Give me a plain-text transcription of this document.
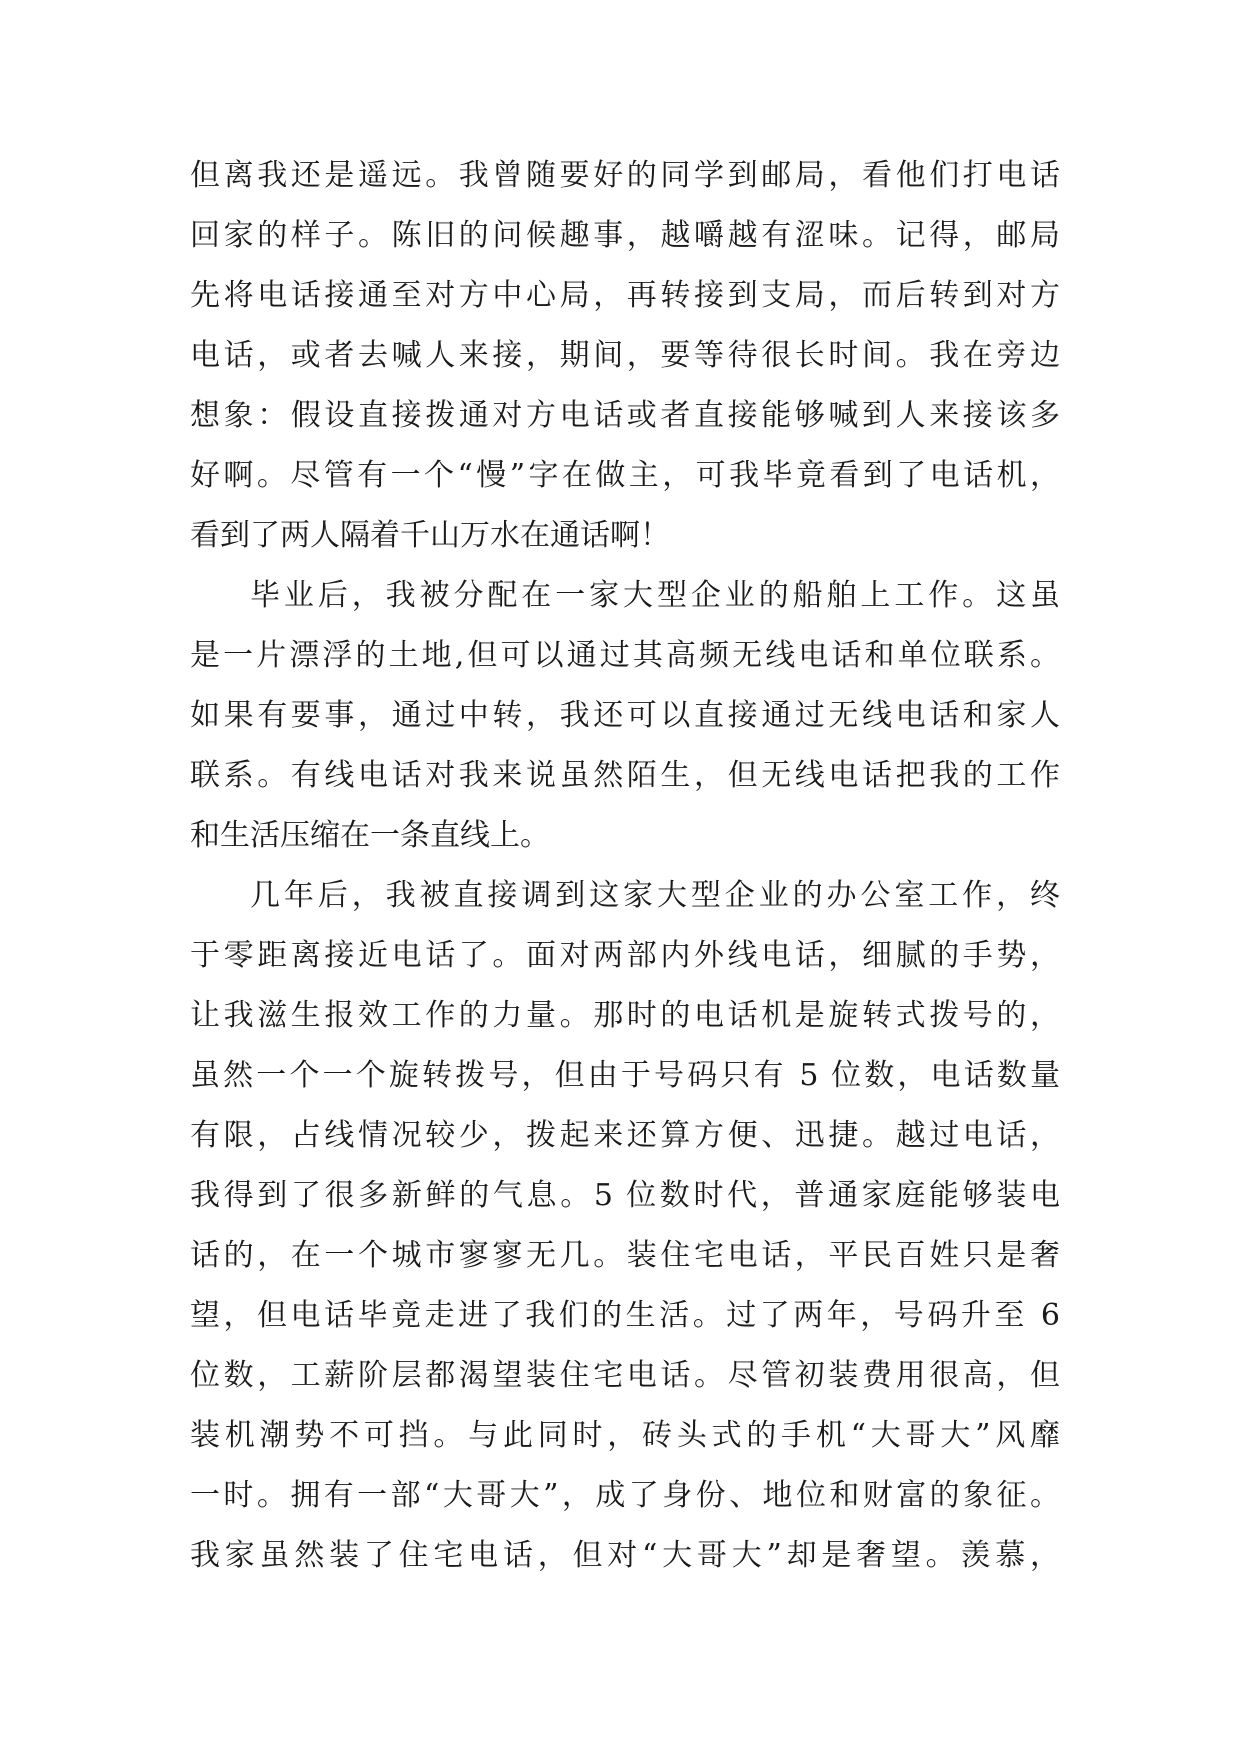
但离我还是遥远。我曾随要好的同学到邮局，看他们打电话
回家的样子。陈旧的问候趣事，越嚼越有涩味。记得，邮局
先将电话接通至对方中心局，再转接到支局，而后转到对方
电话，或者去喊人来接，期间，要等待很长时间。我在旁边
想象：假设直接拨通对方电话或者直接能够喊到人来接该多
好啊。尽管有一个“慢”字在做主，可我毕竟看到了电话机，
看到了两人隔着千山万水在通话啊！
毕业后，我被分配在一家大型企业的船舶上工作。这虽
是一片漂浮的土地,但可以通过其高频无线电话和单位联系。
如果有要事，通过中转，我还可以直接通过无线电话和家人
联系。有线电话对我来说虽然陌生，但无线电话把我的工作
和生活压缩在一条直线上。
几年后，我被直接调到这家大型企业的办公室工作，终
于零距离接近电话了。面对两部内外线电话，细腻的手势，
让我滋生报效工作的力量。那时的电话机是旋转式拨号的，
虽然一个一个旋转拨号，但由于号码只有 5 位数，电话数量
有限，占线情况较少，拨起来还算方便、迅捷。越过电话，
我得到了很多新鲜的气息。5 位数时代，普通家庭能够装电
话的，在一个城市寥寥无几。装住宅电话，平民百姓只是奢
望，但电话毕竟走进了我们的生活。过了两年，号码升至 6
位数，工薪阶层都渴望装住宅电话。尽管初装费用很高，但
装机潮势不可挡。与此同时，砖头式的手机“大哥大”风靡
一时。拥有一部“大哥大”，成了身份、地位和财富的象征。
我家虽然装了住宅电话，但对“大哥大”却是奢望。羡慕，
